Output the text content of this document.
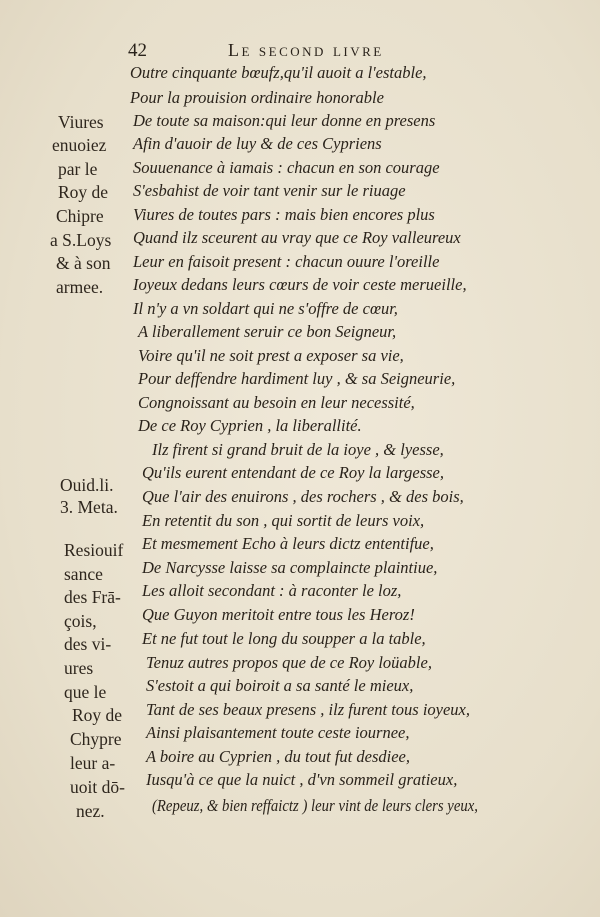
42	Le second livre
Outre cinquante bœufz,qu'il auoit a l'estable,
Pour la prouision ordinaire honorable
De toute sa maison:qui leur donne en presens
Afin d'auoir de luy & de ces Cypriens
Souuenance à iamais : chacun en son courage
S'esbahist de voir tant venir sur le riuage
Viures de toutes pars : mais bien encores plus
Quand ilz sceurent au vray que ce Roy valleureux
Leur en faisoit present : chacun ouure l'oreille
Ioyeux dedans leurs cœurs de voir ceste merueille,
Il n'y a vn soldart qui ne s'offre de cœur,
A liberallement seruir ce bon Seigneur,
Voire qu'il ne soit prest a exposer sa vie,
Pour deffendre hardiment luy , & sa Seigneurie,
Congnoissant au besoin en leur necessité,
De ce Roy Cyprien , la liberallité.
Ilz firent si grand bruit de la ioye , & lyesse,
Qu'ils eurent entendant de ce Roy la largesse,
Que l'air des enuirons , des rochers , & des bois,
En retentit du son , qui sortit de leurs voix,
Et mesmement Echo à leurs dictz ententifue,
De Narcysse laisse sa complaincte plaintiue,
Les alloit secondant : à raconter le loz,
Que Guyon meritoit entre tous les Heroz!
Et ne fut tout le long du soupper a la table,
Tenuz autres propos que de ce Roy loüable,
S'estoit a qui boiroit a sa santé le mieux,
Tant de ses beaux presens , ilz furent tous ioyeux,
Ainsi plaisantement toute ceste iournee,
A boire au Cyprien , du tout fut desdiee,
Iusqu'à ce que la nuict , d'vn sommeil gratieux,
(Repeuz, & bien reffaictz ) leur vint de leurs clers yeux,
Viures
enuoiez
par le
Roy de
Chipre
a S.Loys
& à son
armee.
Ouid.li.
3. Meta.
Resiouif
sance
des Frā-
çois,
des vi-
ures
que le
Roy de
Chypre
leur a-
uoit dō-
nez.
